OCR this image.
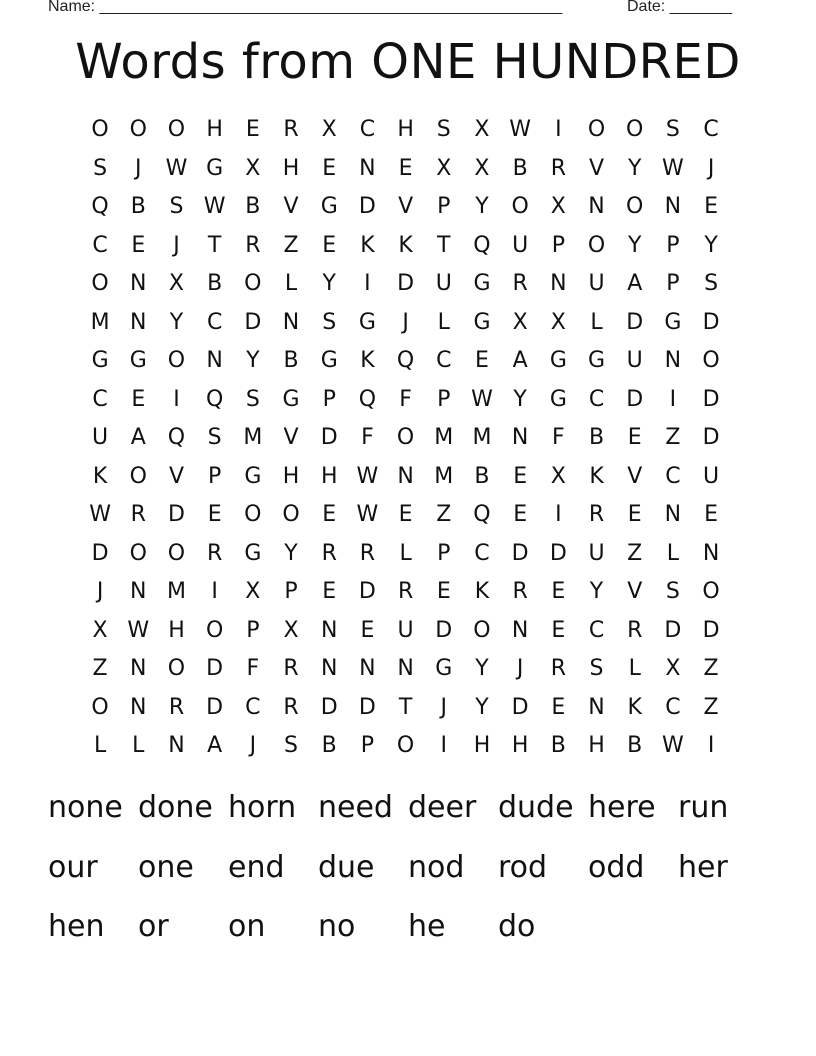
Name: ____________________________________________________	Date: _______
Words from ONE HUNDRED
O O O H	E	R	X	C	H	S	X W	I	O O	S	C
S	J	W G	X	H	E	N	E	X	X	B	R	V	Y W	J
Q B	S W B	V	G D	V	P	Y	O X	N O N	E
C	E	J	T	R	Z	E	K	K	T	Q U	P	O	Y	P	Y
O N	X	B O	L	Y	I	D U G	R	N U	A	P	S
M N	Y	C	D N	S	G	J	L	G	X	X	L	D G D
G G O N	Y	B	G	K	Q C	E	A	G G U N O
C	E	I	Q	S	G	P	Q	F	P W Y	G C	D	I	D
U	A Q	S M V	D	F	O M M N	F	B	E	Z	D
K	O	V	P	G H H W N M B	E	X	K	V	C	U
W R	D	E	O O	E W E	Z Q	E	I	R	E	N	E
D O O R	G	Y	R	R	L	P	C	D D U	Z	L	N
J	N M	I	X	P	E	D	R	E	K	R	E	Y	V	S	O
X W H O	P	X	N	E	U D O N	E	C	R	D D
Z	N O D	F	R	N N N G	Y	J	R	S	L	X	Z
O N	R	D	C	R	D D	T	J	Y	D	E	N	K	C	Z
L	L	N	A	J	S	B	P	O	I	H H	B	H	B W	I
none done horn need deer dude here run
our	one	end	due	nod	rod	odd	her
hen	or	on	no	he	do
